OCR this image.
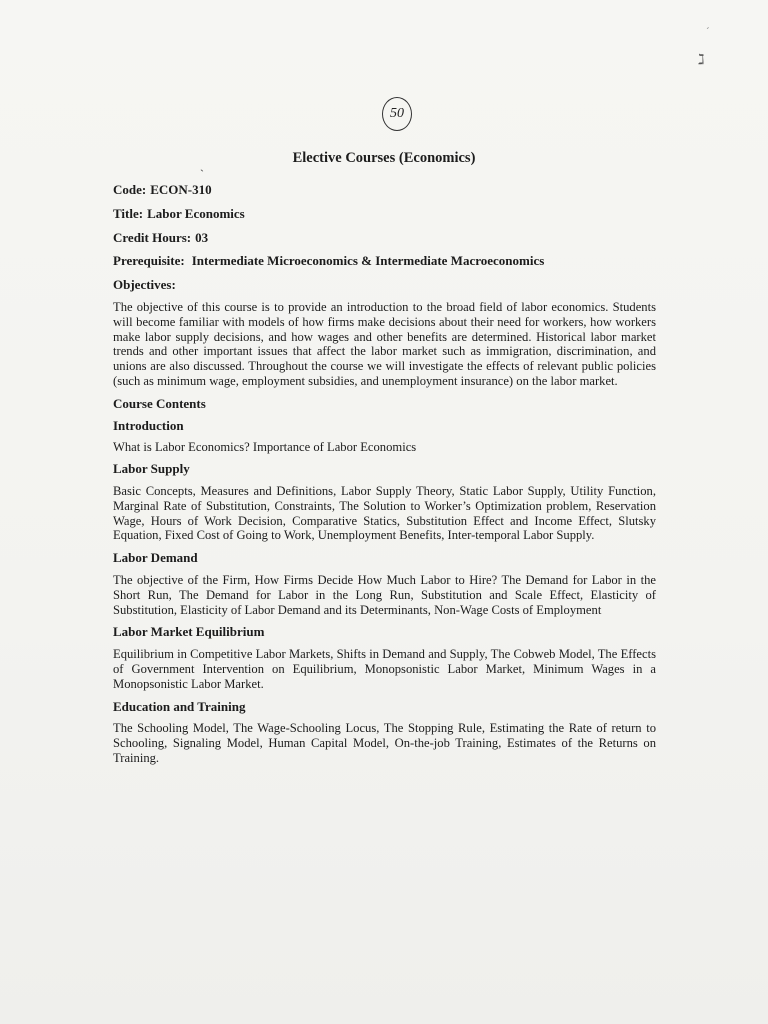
50
ˊ
ℷ
ˎ	Elective Courses (Economics)
Code: ECON-310
Title: Labor Economics
Credit Hours: 03
Prerequisite: Intermediate Microeconomics & Intermediate Macroeconomics
Objectives:
The objective of this course is to provide an introduction to the broad field of labor economics. Students will become familiar with models of how firms make decisions about their need for workers, how workers make labor supply decisions, and how wages and other benefits are determined. Historical labor market trends and other important issues that affect the labor market such as immigration, discrimination, and unions are also discussed. Throughout the course we will investigate the effects of relevant public policies (such as minimum wage, employment subsidies, and unemployment insurance) on the labor market.
Course Contents
Introduction
What is Labor Economics? Importance of Labor Economics
Labor Supply
Basic Concepts, Measures and Definitions, Labor Supply Theory, Static Labor Supply, Utility Function, Marginal Rate of Substitution, Constraints, The Solution to Worker’s Optimization problem, Reservation Wage, Hours of Work Decision, Comparative Statics, Substitution Effect and Income Effect, Slutsky Equation, Fixed Cost of Going to Work, Unemployment Benefits, Inter-temporal Labor Supply.
Labor Demand
The objective of the Firm, How Firms Decide How Much Labor to Hire? The Demand for Labor in the Short Run, The Demand for Labor in the Long Run, Substitution and Scale Effect, Elasticity of Substitution, Elasticity of Labor Demand and its Determinants, Non-Wage Costs of Employment
Labor Market Equilibrium
Equilibrium in Competitive Labor Markets, Shifts in Demand and Supply, The Cobweb Model, The Effects of Government Intervention on Equilibrium, Monopsonistic Labor Market, Minimum Wages in a Monopsonistic Labor Market.
Education and Training
The Schooling Model, The Wage-Schooling Locus, The Stopping Rule, Estimating the Rate of return to Schooling, Signaling Model, Human Capital Model, On-the-job Training, Estimates of the Returns on Training.
